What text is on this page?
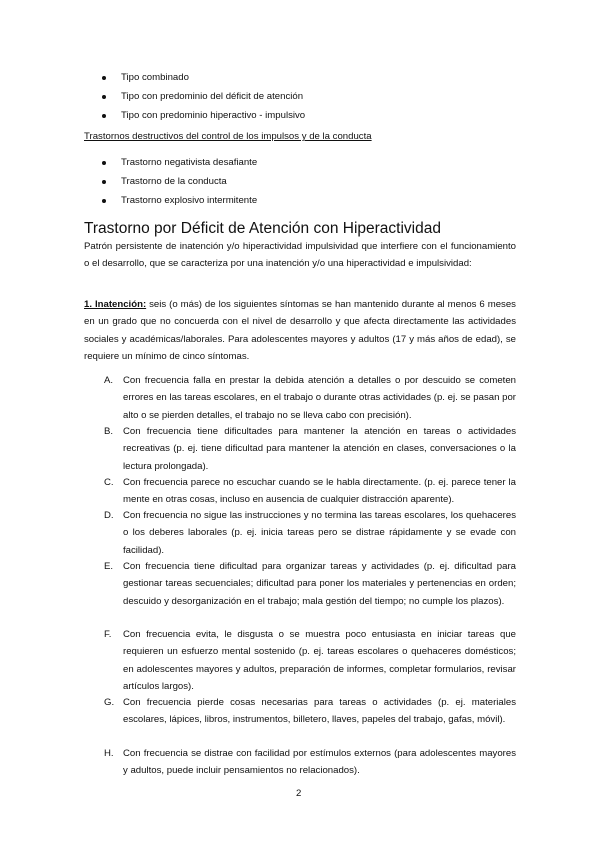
Tipo combinado
Tipo con predominio del déficit de atención
Tipo con predominio hiperactivo - impulsivo
Trastornos destructivos del control de los impulsos y de la conducta
Trastorno negativista desafiante
Trastorno de la conducta
Trastorno explosivo intermitente
Trastorno por Déficit de Atención con Hiperactividad
Patrón persistente de inatención y/o hiperactividad impulsividad que interfiere con el funcionamiento o el desarrollo, que se caracteriza por una inatención y/o una hiperactividad e impulsividad:
1. Inatención: seis (o más) de los siguientes síntomas se han mantenido durante al menos 6 meses en un grado que no concuerda con el nivel de desarrollo y que afecta directamente las actividades sociales y académicas/laborales. Para adolescentes mayores y adultos (17 y más años de edad), se requiere un mínimo de cinco síntomas.
A. Con frecuencia falla en prestar la debida atención a detalles o por descuido se cometen errores en las tareas escolares, en el trabajo o durante otras actividades (p. ej. se pasan por alto o se pierden detalles, el trabajo no se lleva cabo con precisión).
B. Con frecuencia tiene dificultades para mantener la atención en tareas o actividades recreativas (p. ej. tiene dificultad para mantener la atención en clases, conversaciones o la lectura prolongada).
C. Con frecuencia parece no escuchar cuando se le habla directamente. (p. ej. parece tener la mente en otras cosas, incluso en ausencia de cualquier distracción aparente).
D. Con frecuencia no sigue las instrucciones y no termina las tareas escolares, los quehaceres o los deberes laborales (p. ej. inicia tareas pero se distrae rápidamente y se evade con facilidad).
E. Con frecuencia tiene dificultad para organizar tareas y actividades (p. ej. dificultad para gestionar tareas secuenciales; dificultad para poner los materiales y pertenencias en orden; descuido y desorganización en el trabajo; mala gestión del tiempo; no cumple los plazos).
F. Con frecuencia evita, le disgusta o se muestra poco entusiasta en iniciar tareas que requieren un esfuerzo mental sostenido (p. ej. tareas escolares o quehaceres domésticos; en adolescentes mayores y adultos, preparación de informes, completar formularios, revisar artículos largos).
G. Con frecuencia pierde cosas necesarias para tareas o actividades (p. ej. materiales escolares, lápices, libros, instrumentos, billetero, llaves, papeles del trabajo, gafas, móvil).
H. Con frecuencia se distrae con facilidad por estímulos externos (para adolescentes mayores y adultos, puede incluir pensamientos no relacionados).
2
